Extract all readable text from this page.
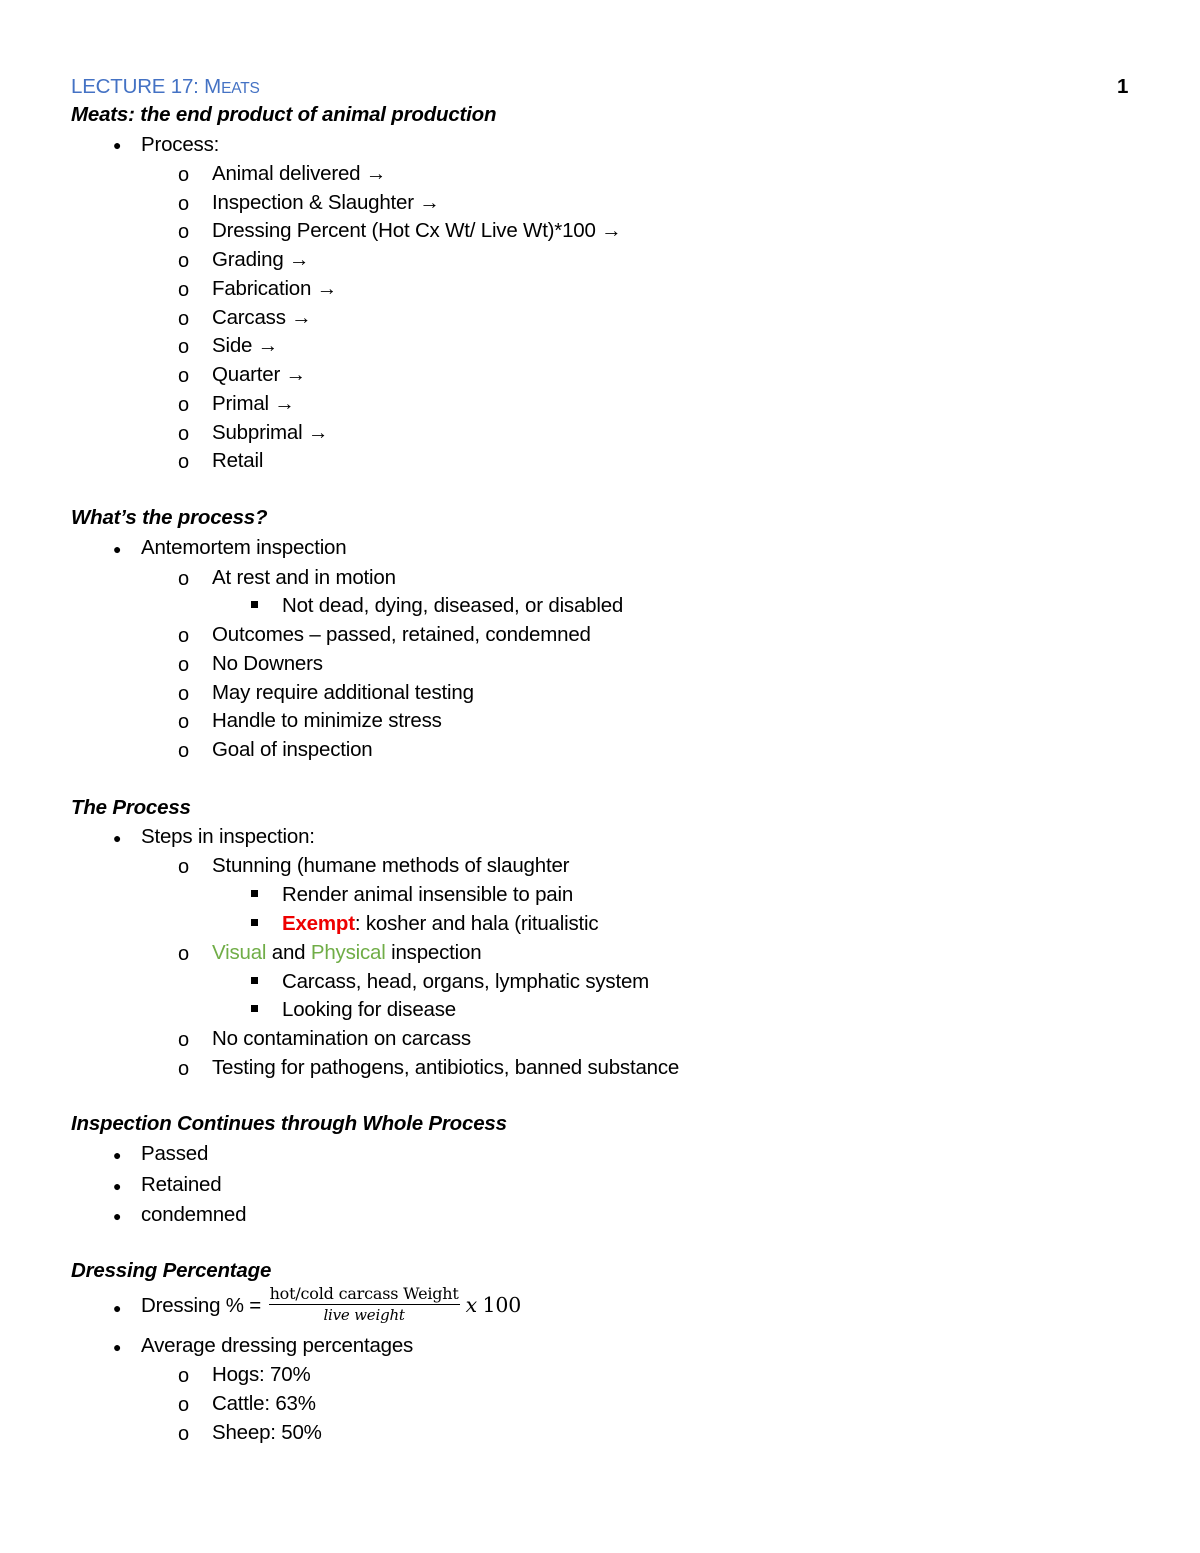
LECTURE 17: MEATS	1
Meats: the end product of animal production
● Process:
o Animal delivered →
o Inspection & Slaughter →
o Dressing Percent (Hot Cx Wt/ Live Wt)*100 →
o Grading →
o Fabrication →
o Carcass →
o Side →
o Quarter →
o Primal →
o Subprimal →
o Retail
What’s the process?
● Antemortem inspection
o At rest and in motion
Not dead, dying, diseased, or disabled
o Outcomes – passed, retained, condemned
o No Downers
o May require additional testing
o Handle to minimize stress
o Goal of inspection
The Process
● Steps in inspection:
o Stunning (humane methods of slaughter
Render animal insensible to pain
Exempt: kosher and hala (ritualistic
o Visual and Physical inspection
Carcass, head, organs, lymphatic system
Looking for disease
o No contamination on carcass
o Testing for pathogens, antibiotics, banned substance
Inspection Continues through Whole Process
● Passed
● Retained
● condemned
Dressing Percentage
● Dressing % = $\frac{\text{hot/cold carcass Weight}}{\text{live weight}}$ x 100
● Average dressing percentages
o Hogs: 70%
o Cattle: 63%
o Sheep: 50%
